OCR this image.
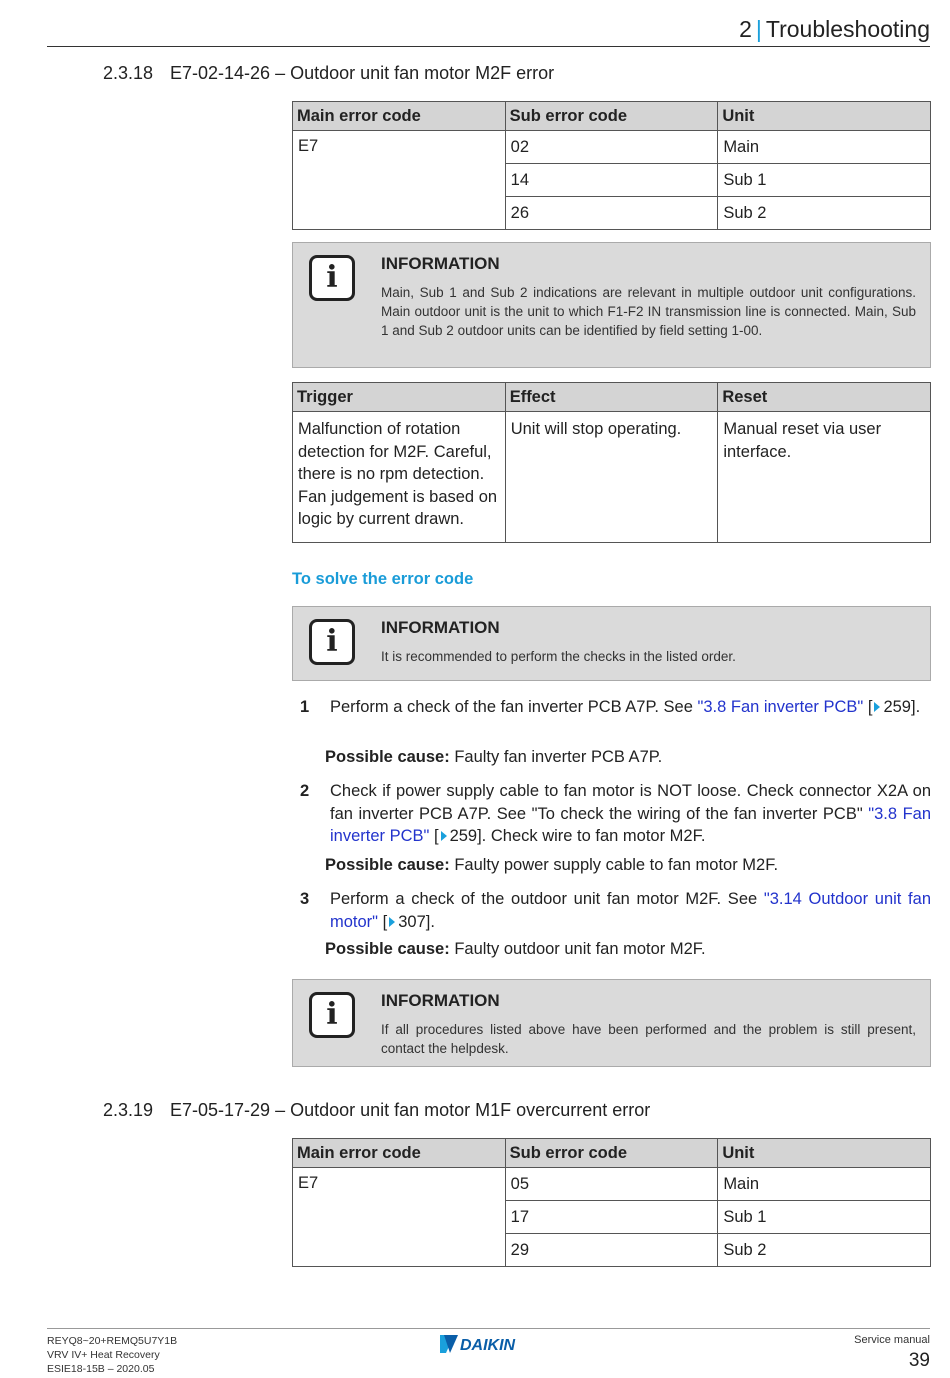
2 | Troubleshooting
2.3.18 E7-02-14-26 – Outdoor unit fan motor M2F error
Main error code	Sub error code	Unit
E7	02	Main
	14	Sub 1
	26	Sub 2
i	INFORMATION
Main, Sub 1 and Sub 2 indications are relevant in multiple outdoor unit configurations. Main outdoor unit is the unit to which F1-F2 IN transmission line is connected. Main, Sub 1 and Sub 2 outdoor units can be identified by field setting 1-00.
Trigger	Effect	Reset
Malfunction of rotation detection for M2F. Careful, there is no rpm detection. Fan judgement is based on logic by current drawn.	Unit will stop operating.	Manual reset via user interface.
To solve the error code
i	INFORMATION
It is recommended to perform the checks in the listed order.
1 Perform a check of the fan inverter PCB A7P. See "3.8 Fan inverter PCB" [ 259].
Possible cause: Faulty fan inverter PCB A7P.
2 Check if power supply cable to fan motor is NOT loose. Check connector X2A on fan inverter PCB A7P. See "To check the wiring of the fan inverter PCB" "3.8 Fan inverter PCB" [ 259]. Check wire to fan motor M2F.
Possible cause: Faulty power supply cable to fan motor M2F.
3 Perform a check of the outdoor unit fan motor M2F. See "3.14 Outdoor unit fan motor" [ 307].
Possible cause: Faulty outdoor unit fan motor M2F.
i	INFORMATION
If all procedures listed above have been performed and the problem is still present, contact the helpdesk.
2.3.19 E7-05-17-29 – Outdoor unit fan motor M1F overcurrent error
Main error code	Sub error code	Unit
E7	05	Main
	17	Sub 1
	29	Sub 2
REYQ8~20+REMQ5U7Y1B
VRV IV+ Heat Recovery
ESIE18-15B – 2020.05
DAIKIN	Service manual
39
